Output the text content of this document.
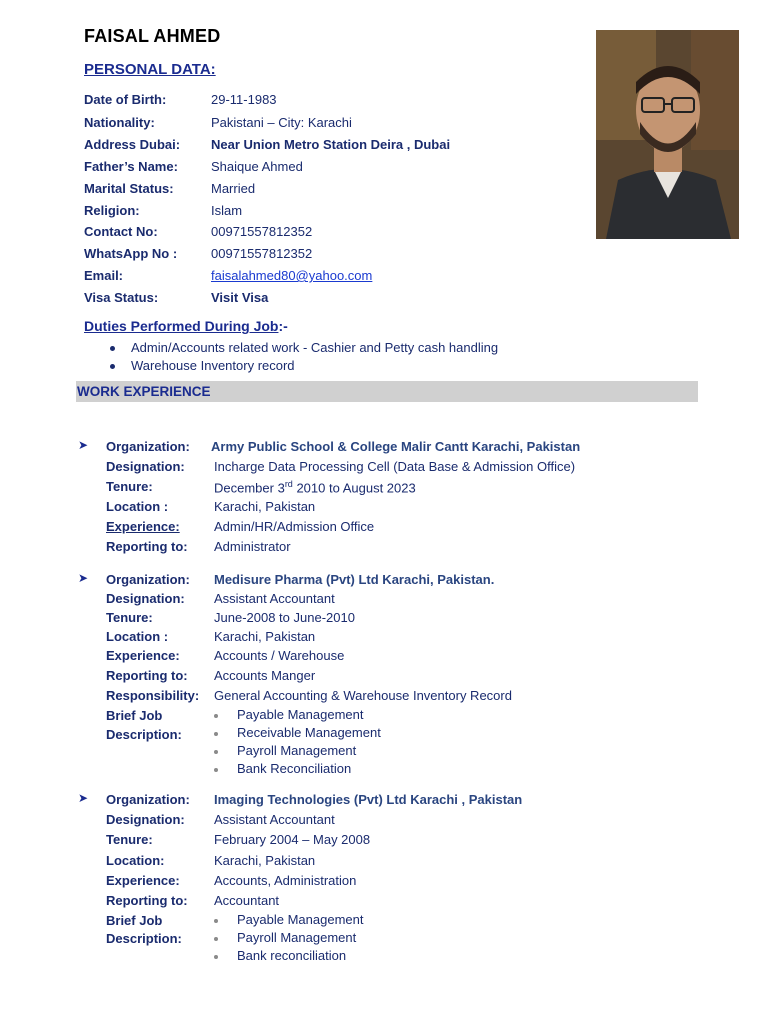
FAISAL AHMED
PERSONAL DATA:
Date of Birth:	29-11-1983
Nationality:	Pakistani – City: Karachi
Address Dubai: Near Union Metro Station Deira , Dubai
Father’s Name:	Shaique Ahmed
Marital Status:	Married
Religion:	Islam
Contact No:	00971557812352
WhatsApp No :	00971557812352
Email:	faisalahmed80@yahoo.com
Visa Status:	Visit Visa
Duties Performed During Job:-
Admin/Accounts related work - Cashier and Petty cash handling
Warehouse Inventory record
WORK EXPERIENCE
➤ Organization: Army Public School & College Malir Cantt Karachi, Pakistan
Designation: Incharge Data Processing Cell (Data Base & Admission Office)
Tenure:	December 3rd 2010 to August 2023
Location :	Karachi, Pakistan
Experience:	Admin/HR/Admission Office
Reporting to: Administrator
➤ Organization: Medisure Pharma (Pvt) Ltd Karachi, Pakistan.
Designation: Assistant Accountant
Tenure:	June-2008 to June-2010
Location :	Karachi, Pakistan
Experience:	Accounts / Warehouse
Reporting to: Accounts Manger
Responsibility: General Accounting & Warehouse Inventory Record
Brief Job
Description:
Payable Management
Receivable Management
Payroll Management
Bank Reconciliation
➤ Organization: Imaging Technologies (Pvt) Ltd Karachi , Pakistan
Designation: Assistant Accountant
Tenure:	February 2004 – May 2008
Location:	Karachi, Pakistan
Experience:	Accounts, Administration
Reporting to: Accountant
Brief Job
Description:
Payable Management
Payroll Management
Bank reconciliation
